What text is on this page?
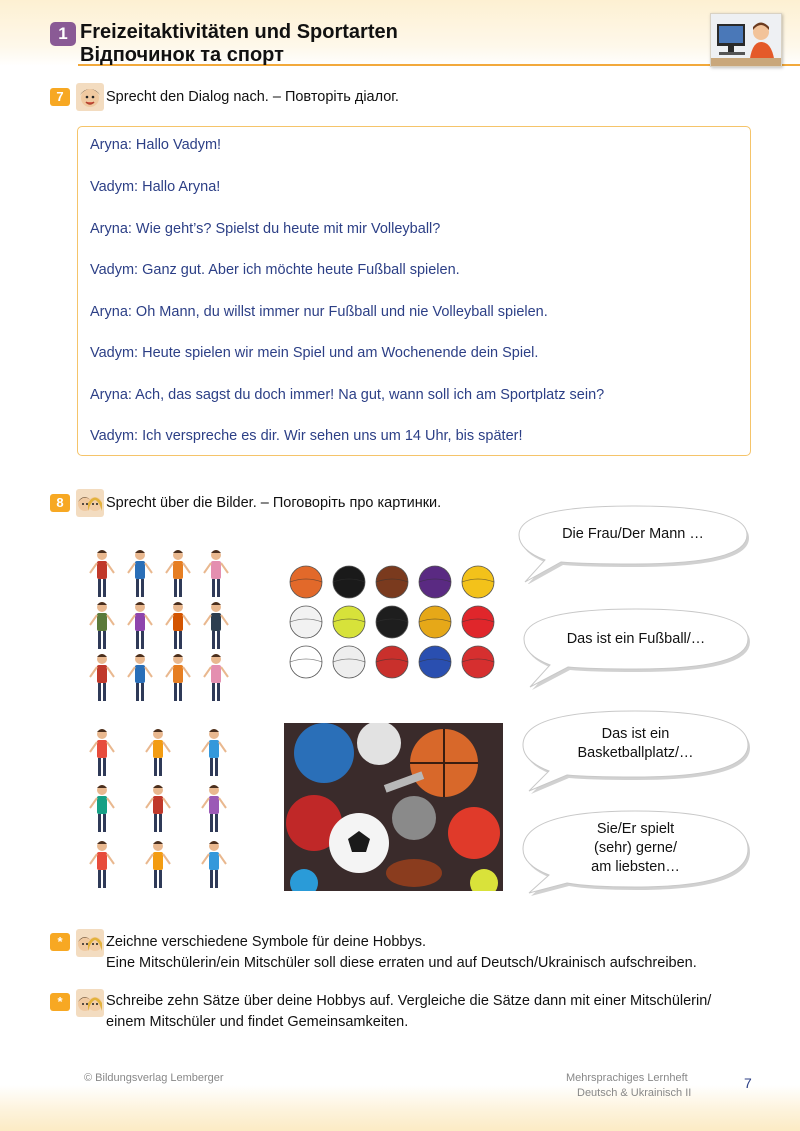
1 Freizeitaktivitäten und Sportarten
Відпочинок та спорт
7	Sprecht den Dialog nach. – Повторіть діалог.
Aryna: Hallo Vadym!
Vadym: Hallo Aryna!
Aryna: Wie geht’s? Spielst du heute mit mir Volleyball?
Vadym: Ganz gut. Aber ich möchte heute Fußball spielen.
Aryna: Oh Mann, du willst immer nur Fußball und nie Volleyball spielen.
Vadym: Heute spielen wir mein Spiel und am Wochenende dein Spiel.
Aryna: Ach, das sagst du doch immer! Na gut, wann soll ich am Sportplatz sein?
Vadym: Ich verspreche es dir. Wir sehen uns um 14 Uhr, bis später!
8	Sprecht über die Bilder. – Поговоріть про картинки.
Die Frau/Der Mann …
Das ist ein Fußball/…
Das ist ein
Basketballplatz/…
Sie/Er spielt
(sehr) gerne/
am liebsten…
*	Zeichne verschiedene Symbole für deine Hobbys.
Eine Mitschülerin/ein Mitschüler soll diese erraten und auf Deutsch/Ukrainisch aufschreiben.
*	Schreibe zehn Sätze über deine Hobbys auf. Vergleiche die Sätze dann mit einer Mitschülerin/
einem Mitschüler und findet Gemeinsamkeiten.
© Bildungsverlag Lemberger	Mehrsprachiges Lernheft
Deutsch & Ukrainisch II
7
